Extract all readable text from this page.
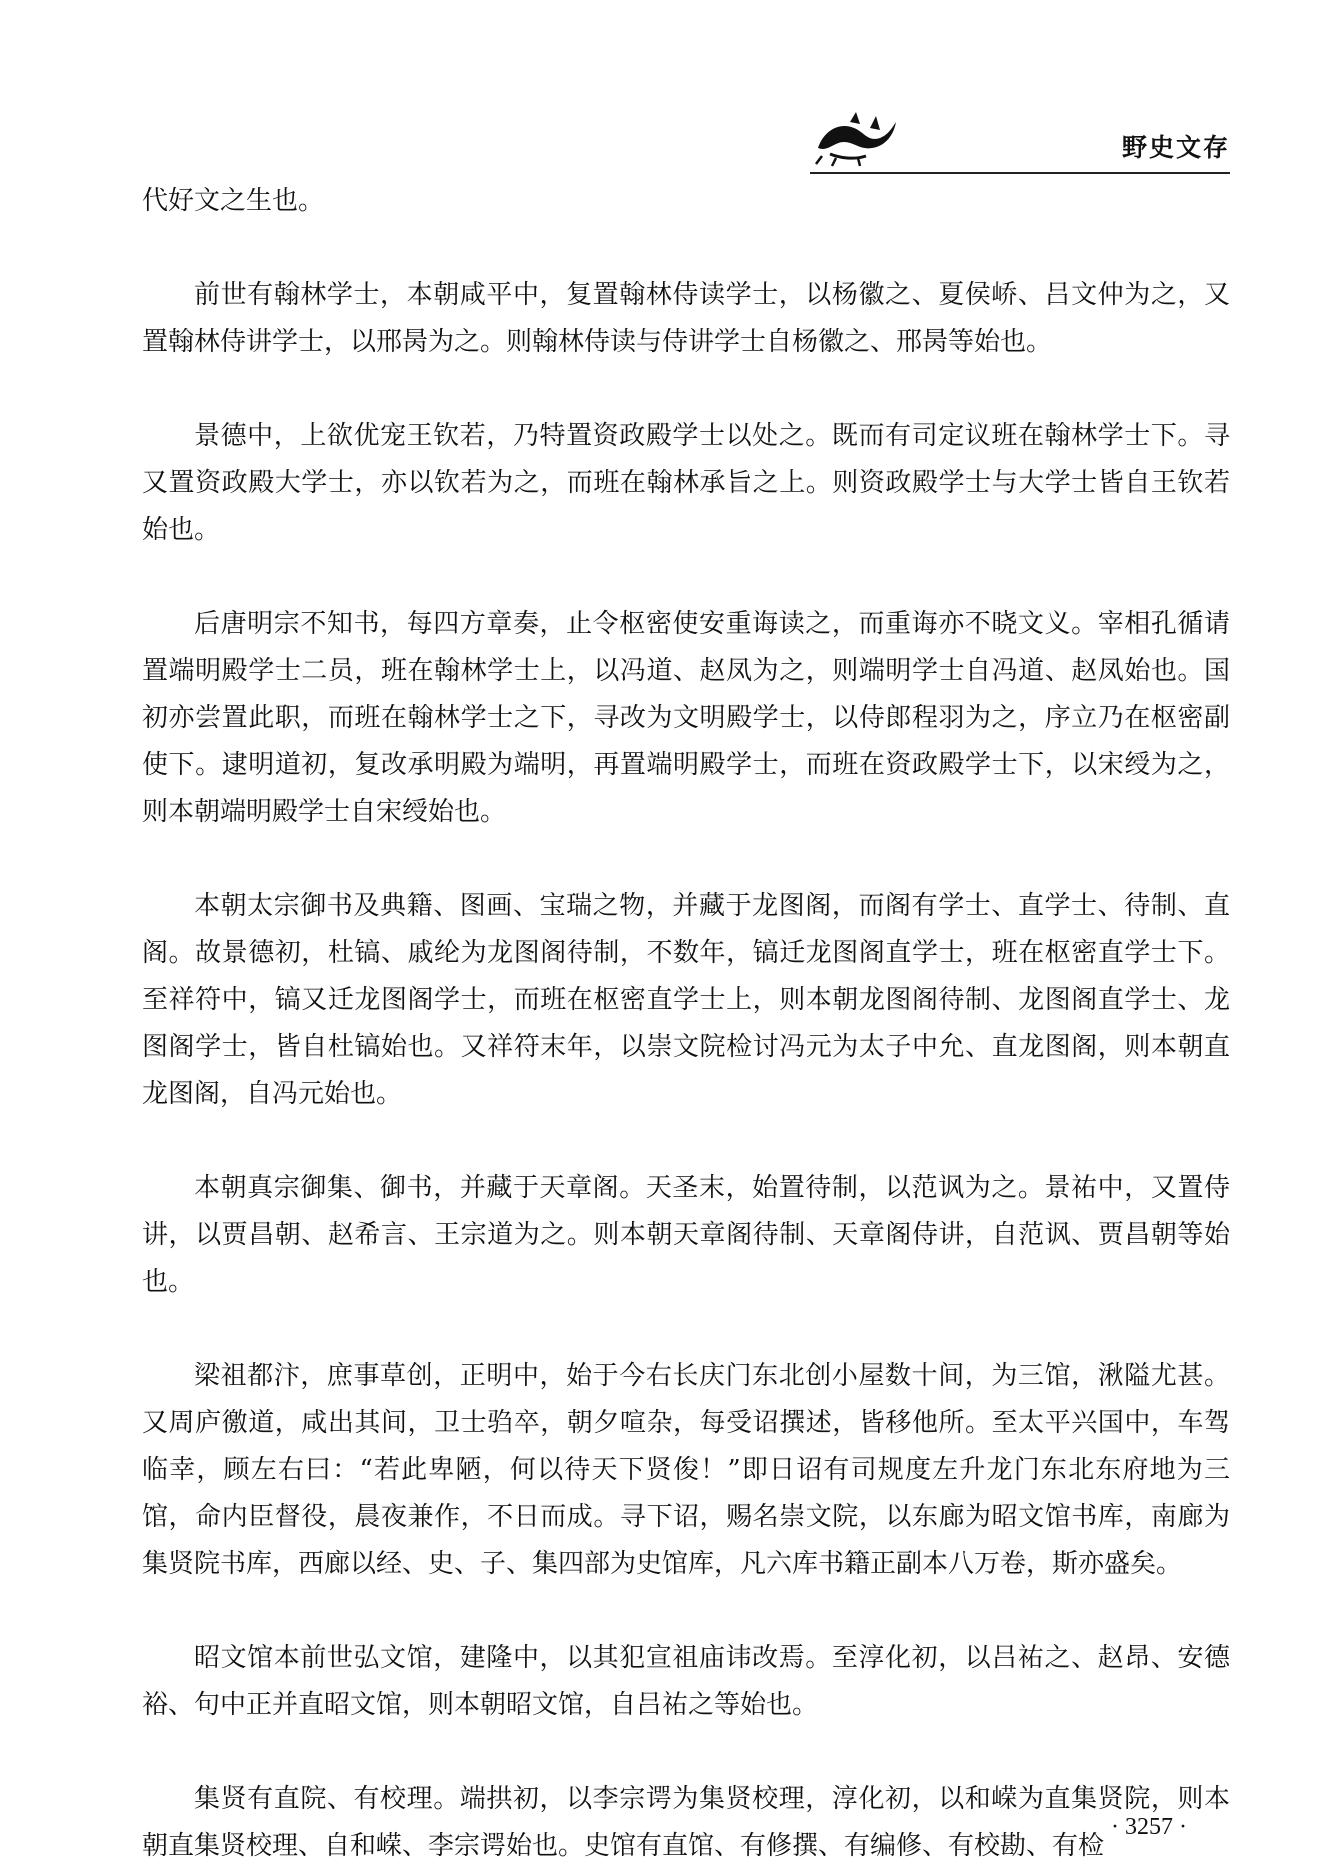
野史文存

代好文之生也。

前世有翰林学士，本朝咸平中，复置翰林侍读学士，以杨徽之、夏侯峤、吕文仲为之，又置翰林侍讲学士，以邢昺为之。则翰林侍读与侍讲学士自杨徽之、邢昺等始也。

景德中，上欲优宠王钦若，乃特置资政殿学士以处之。既而有司定议班在翰林学士下。寻又置资政殿大学士，亦以钦若为之，而班在翰林承旨之上。则资政殿学士与大学士皆自王钦若始也。

后唐明宗不知书，每四方章奏，止令枢密使安重诲读之，而重诲亦不晓文义。宰相孔循请置端明殿学士二员，班在翰林学士上，以冯道、赵凤为之，则端明学士自冯道、赵凤始也。国初亦尝置此职，而班在翰林学士之下，寻改为文明殿学士，以侍郎程羽为之，序立乃在枢密副使下。逮明道初，复改承明殿为端明，再置端明殿学士，而班在资政殿学士下，以宋绶为之，则本朝端明殿学士自宋绶始也。

本朝太宗御书及典籍、图画、宝瑞之物，并藏于龙图阁，而阁有学士、直学士、待制、直阁。故景德初，杜镐、戚纶为龙图阁待制，不数年，镐迁龙图阁直学士，班在枢密直学士下。至祥符中，镐又迁龙图阁学士，而班在枢密直学士上，则本朝龙图阁待制、龙图阁直学士、龙图阁学士，皆自杜镐始也。又祥符末年，以崇文院检讨冯元为太子中允、直龙图阁，则本朝直龙图阁，自冯元始也。

本朝真宗御集、御书，并藏于天章阁。天圣末，始置待制，以范讽为之。景祐中，又置侍讲，以贾昌朝、赵希言、王宗道为之。则本朝天章阁待制、天章阁侍讲，自范讽、贾昌朝等始也。

梁祖都汴，庶事草创，正明中，始于今右长庆门东北创小屋数十间，为三馆，湫隘尤甚。又周庐徼道，咸出其间，卫士驺卒，朝夕喧杂，每受诏撰述，皆移他所。至太平兴国中，车驾临幸，顾左右曰：“若此卑陋，何以待天下贤俊！”即日诏有司规度左升龙门东北东府地为三馆，命内臣督役，晨夜兼作，不日而成。寻下诏，赐名崇文院，以东廊为昭文馆书库，南廊为集贤院书库，西廊以经、史、子、集四部为史馆库，凡六库书籍正副本八万卷，斯亦盛矣。

昭文馆本前世弘文馆，建隆中，以其犯宣祖庙讳改焉。至淳化初，以吕祐之、赵昂、安德裕、句中正并直昭文馆，则本朝昭文馆，自吕祐之等始也。

集贤有直院、有校理。端拱初，以李宗谔为集贤校理，淳化初，以和嵘为直集贤院，则本朝直集贤校理、自和嵘、李宗谔始也。史馆有直馆、有修撰、有编修、有校勘、有检

· 3257 ·
